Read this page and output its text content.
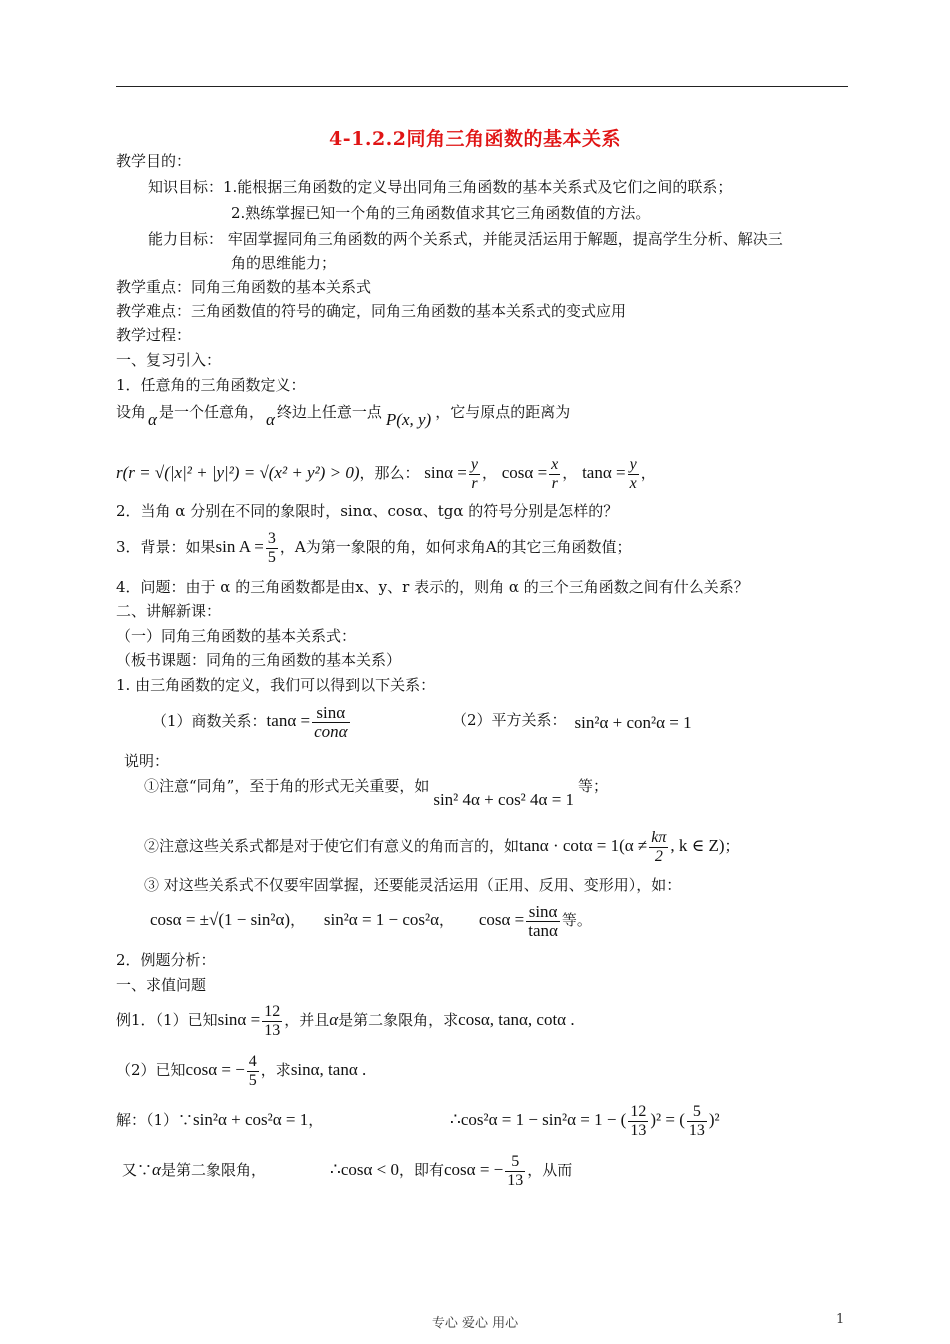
4-1.2.2同角三角函数的基本关系
教学目的：
知识目标：1.能根据三角函数的定义导出同角三角函数的基本关系式及它们之间的联系；
2.熟练掌握已知一个角的三角函数值求其它三角函数值的方法。
能力目标： 牢固掌握同角三角函数的两个关系式，并能灵活运用于解题，提高学生分析、解决三
角的思维能力；
教学重点：同角三角函数的基本关系式
教学难点：三角函数值的符号的确定，同角三角函数的基本关系式的变式应用
教学过程：
一、复习引入：
1．任意角的三角函数定义：
设角 α 是一个任意角， α 终边上任意一点 P(x, y) ，它与原点的距离为
r(r = √(|x|² + |y|²) = √(x² + y²) > 0)，那么： $\sin\alpha = \frac{y}{r}$ ， $\cos\alpha = \frac{x}{r}$ ， $\tan\alpha = \frac{y}{x}$ ，
2．当角 α 分别在不同的象限时，sinα、cosα、tgα 的符号分别是怎样的？
3．背景：如果$\sin A = \frac{3}{5}$ ，A为第一象限的角，如何求角A的其它三角函数值；
4．问题：由于 α 的三角函数都是由x、y、r 表示的，则角 α 的三个三角函数之间有什么关系？
二、讲解新课：
（一）同角三角函数的基本关系式：
（板书课题：同角的三角函数的基本关系）
1. 由三角函数的定义，我们可以得到以下关系：
（1）商数关系：$\tan\alpha = \frac{\sin\alpha}{\text{conα}}$	（2）平方关系： sin²α + con²α = 1
说明：
①注意“同角”，至于角的形式无关重要，如sin² 4α + cos² 4α = 1等；
②注意这些关系式都是对于使它们有意义的角而言的，如$\tan\alpha \cdot \cot\alpha = 1(\alpha \ne \frac{k\pi}{2}$ , k ∈ Z)；
③ 对这些关系式不仅要牢固掌握，还要能灵活运用（正用、反用、变形用），如：
cosα = ±√(1 − sin²α)， sin²α = 1 − cos²α， $\cos\alpha = \frac{\sin\alpha}{\tan\alpha}$ 等。
2．例题分析：
一、求值问题
例1．（1）已知$\sin\alpha = \frac{12}{13}$ ，并且α是第二象限角，求cosα, tanα, cotα .
（2）已知cosα = − $\frac{4}{5}$ ，求sinα, tanα .
解：（1）∵sin²α + cos²α = 1，	∴cos²α = 1 − sin²α = 1 − ( $\frac{12}{13} )^2$ = ( $\frac{5}{13} )^2$
又∵α是第二象限角，	∴cosα < 0，即有cosα = − $\frac{5}{13}$ ，从而
专心 爱心 用心	1
